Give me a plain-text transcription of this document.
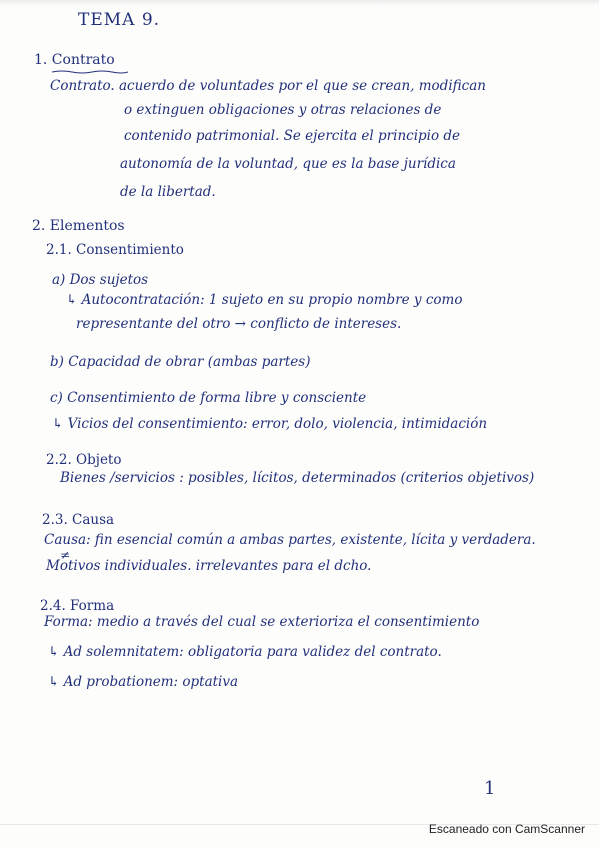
TEMA 9.
1. Contrato
Contrato. acuerdo de voluntades por el que se crean, modifican
o extinguen obligaciones y otras relaciones de
contenido patrimonial. Se ejercita el principio de
autonomía de la voluntad, que es la base jurídica
de la libertad.
2. Elementos
2.1. Consentimiento
a) Dos sujetos
↳ Autocontratación: 1 sujeto en su propio nombre y como
representante del otro → conflicto de intereses.
b) Capacidad de obrar (ambas partes)
c) Consentimiento de forma libre y consciente
↳ Vicios del consentimiento: error, dolo, violencia, intimidación
2.2. Objeto
Bienes /servicios : posibles, lícitos, determinados (criterios objetivos)
2.3. Causa
Causa: fin esencial común a ambas partes, existente, lícita y verdadera.
≠
Motivos individuales. irrelevantes para el dcho.
2.4. Forma
Forma: medio a través del cual se exterioriza el consentimiento
↳ Ad solemnitatem: obligatoria para validez del contrato.
↳ Ad probationem: optativa
1
Escaneado con CamScanner
